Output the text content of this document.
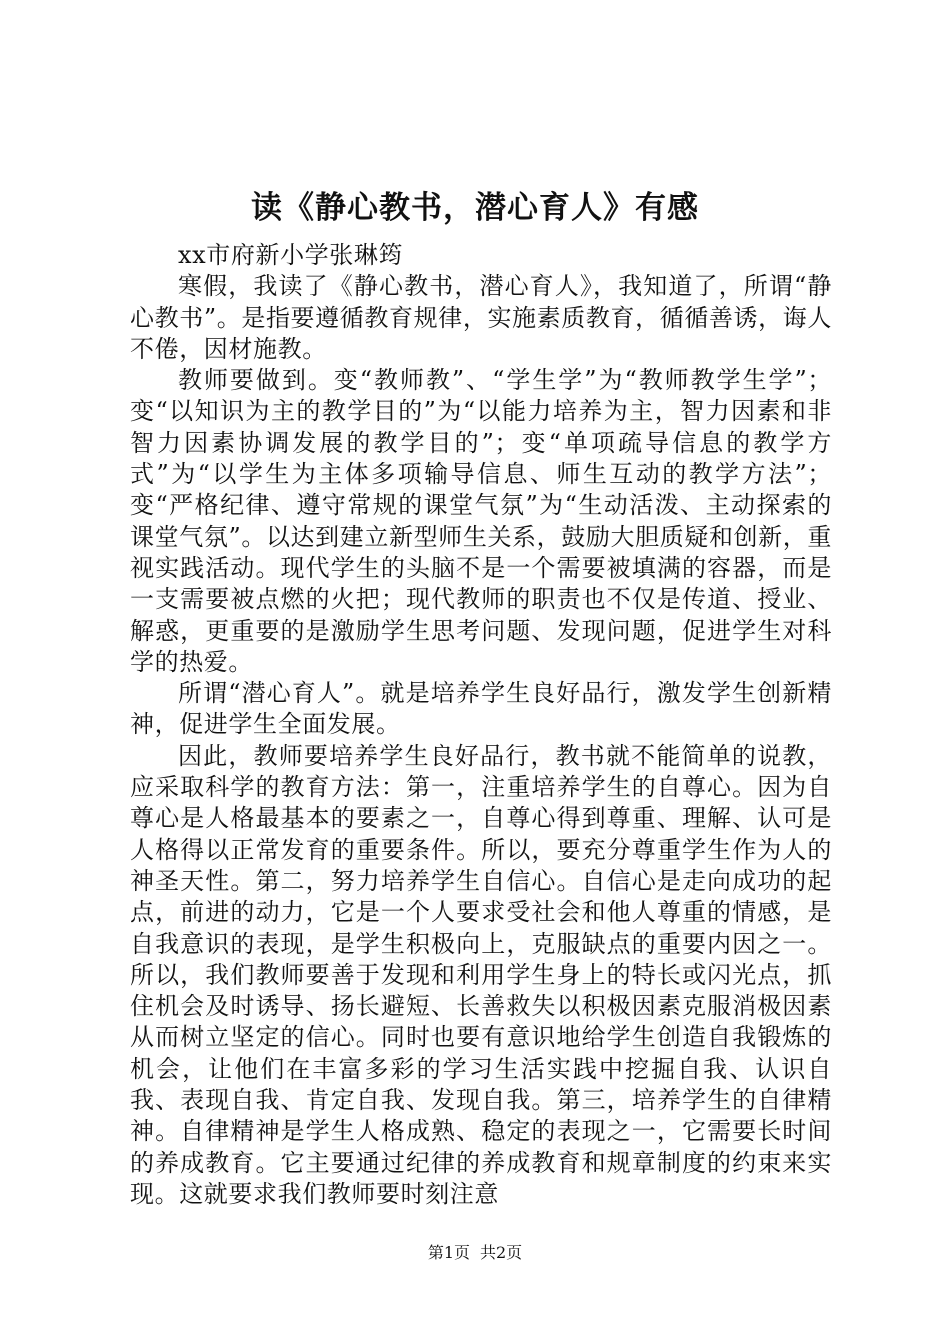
读《静心教书，潜心育人》有感
xx市府新小学张琳筠

寒假，我读了《静心教书，潜心育人》，我知道了，所谓“静心教书”。是指要遵循教育规律，实施素质教育，循循善诱，诲人不倦，因材施教。

教师要做到。变“教师教”、“学生学”为“教师教学生学”；变“以知识为主的教学目的”为“以能力培养为主，智力因素和非智力因素协调发展的教学目的”；变“单项疏导信息的教学方式”为“以学生为主体多项输导信息、师生互动的教学方法”；变“严格纪律、遵守常规的课堂气氛”为“生动活泼、主动探索的课堂气氛”。以达到建立新型师生关系，鼓励大胆质疑和创新，重视实践活动。现代学生的头脑不是一个需要被填满的容器，而是一支需要被点燃的火把；现代教师的职责也不仅是传道、授业、解惑，更重要的是激励学生思考问题、发现问题，促进学生对科学的热爱。

所谓“潜心育人”。就是培养学生良好品行，激发学生创新精神，促进学生全面发展。

因此，教师要培养学生良好品行，教书就不能简单的说教，应采取科学的教育方法：第一，注重培养学生的自尊心。因为自尊心是人格最基本的要素之一，自尊心得到尊重、理解、认可是人格得以正常发育的重要条件。所以，要充分尊重学生作为人的神圣天性。第二，努力培养学生自信心。自信心是走向成功的起点，前进的动力，它是一个人要求受社会和他人尊重的情感，是自我意识的表现，是学生积极向上，克服缺点的重要内因之一。所以，我们教师要善于发现和利用学生身上的特长或闪光点，抓住机会及时诱导、扬长避短、长善救失以积极因素克服消极因素从而树立坚定的信心。同时也要有意识地给学生创造自我锻炼的机会，让他们在丰富多彩的学习生活实践中挖掘自我、认识自我、表现自我、肯定自我、发现自我。第三，培养学生的自律精神。自律精神是学生人格成熟、稳定的表现之一，它需要长时间的养成教育。它主要通过纪律的养成教育和规章制度的约束来实现。这就要求我们教师要时刻注意

第1页 共2页
